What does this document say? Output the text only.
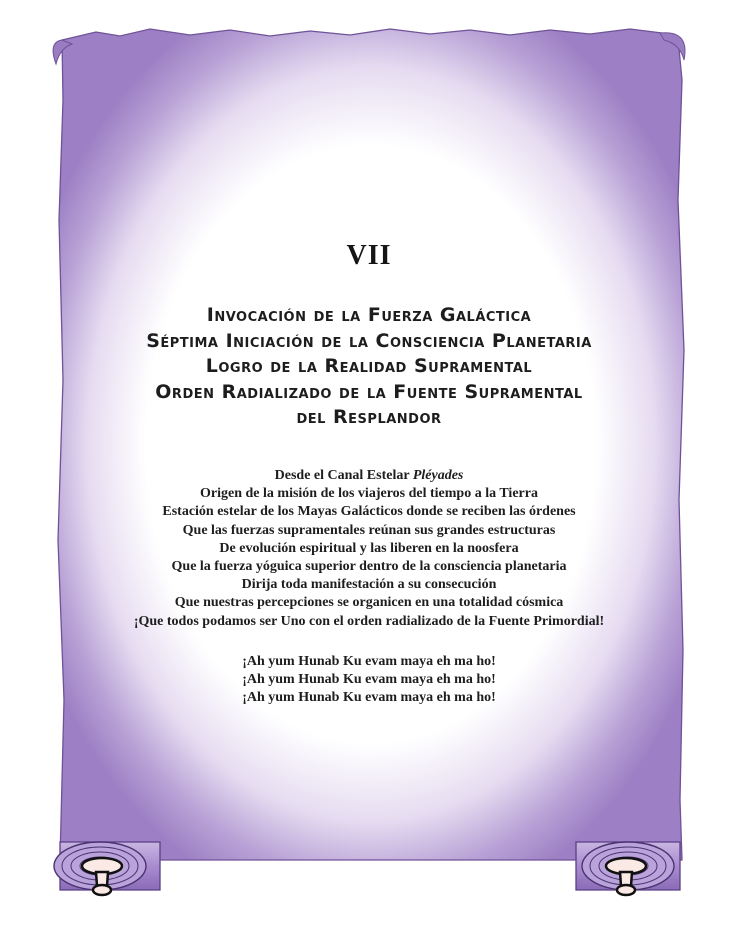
VII
Invocación de la Fuerza Galáctica
Séptima Iniciación de la Consciencia Planetaria
Logro de la Realidad Supramental
Orden Radializado de la Fuente Supramental
del Resplandor
Desde el Canal Estelar Pléyades
Origen de la misión de los viajeros del tiempo a la Tierra
Estación estelar de los Mayas Galácticos donde se reciben las órdenes
Que las fuerzas supramentales reúnan sus grandes estructuras
De evolución espiritual y las liberen en la noosfera
Que la fuerza yóguica superior dentro de la consciencia planetaria
Dirija toda manifestación a su consecución
Que nuestras percepciones se organicen en una totalidad cósmica
¡Que todos podamos ser Uno con el orden radializado de la Fuente Primordial!
¡Ah yum Hunab Ku evam maya eh ma ho!
¡Ah yum Hunab Ku evam maya eh ma ho!
¡Ah yum Hunab Ku evam maya eh ma ho!
